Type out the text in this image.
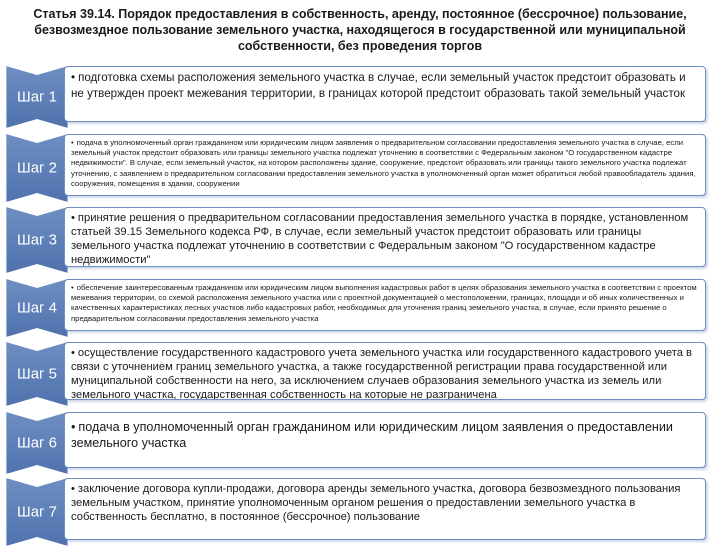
Статья 39.14. Порядок предоставления в собственность, аренду, постоянное (бессрочное) пользование, безвозмездное пользование земельного участка, находящегося в государственной или муниципальной собственности, без проведения торгов
Шаг 1
• подготовка схемы расположения земельного участка в случае, если земельный участок предстоит образовать и не утвержден проект межевания территории, в границах которой предстоит образовать такой земельный участок
Шаг 2
• подача в уполномоченный орган гражданином или юридическим лицом заявления о предварительном согласовании предоставления земельного участка в случае, если земельный участок предстоит образовать или границы земельного участка подлежат уточнению в соответствии с Федеральным законом "О государственном кадастре недвижимости". В случае, если земельный участок, на котором расположены здание, сооружение, предстоит образовать или границы такого земельного участка подлежат уточнению, с заявлением о предварительном согласовании предоставления земельного участка в уполномоченный орган может обратиться любой правообладатель здания, сооружения, помещения в здании, сооружении
Шаг 3
• принятие решения о предварительном согласовании предоставления земельного участка в порядке, установленном статьей 39.15 Земельного кодекса РФ, в случае, если земельный участок предстоит образовать или границы земельного участка подлежат уточнению в соответствии с Федеральным законом "О государственном кадастре недвижимости"
Шаг 4
• обеспечение заинтересованным гражданином или юридическим лицом выполнения кадастровых работ в целях образования земельного участка в соответствии с проектом межевания территории, со схемой расположения земельного участка или с проектной документацией о местоположении, границах, площади и об иных количественных и качественных характеристиках лесных участков либо кадастровых работ, необходимых для уточнения границ земельного участка, в случае, если принято решение о предварительном согласовании предоставления земельного участка
Шаг 5
• осуществление государственного кадастрового учета земельного участка или государственного кадастрового учета в связи с уточнением границ земельного участка, а также государственной регистрации права государственной или муниципальной собственности на него, за исключением случаев образования земельного участка из земель или земельного участка, государственная собственность на которые не разграничена
Шаг 6
• подача в уполномоченный орган гражданином или юридическим лицом заявления о предоставлении земельного участка
Шаг 7
• заключение договора купли-продажи, договора аренды земельного участка, договора безвозмездного пользования земельным участком, принятие уполномоченным органом решения о предоставлении земельного участка в собственность бесплатно, в постоянное (бессрочное) пользование
